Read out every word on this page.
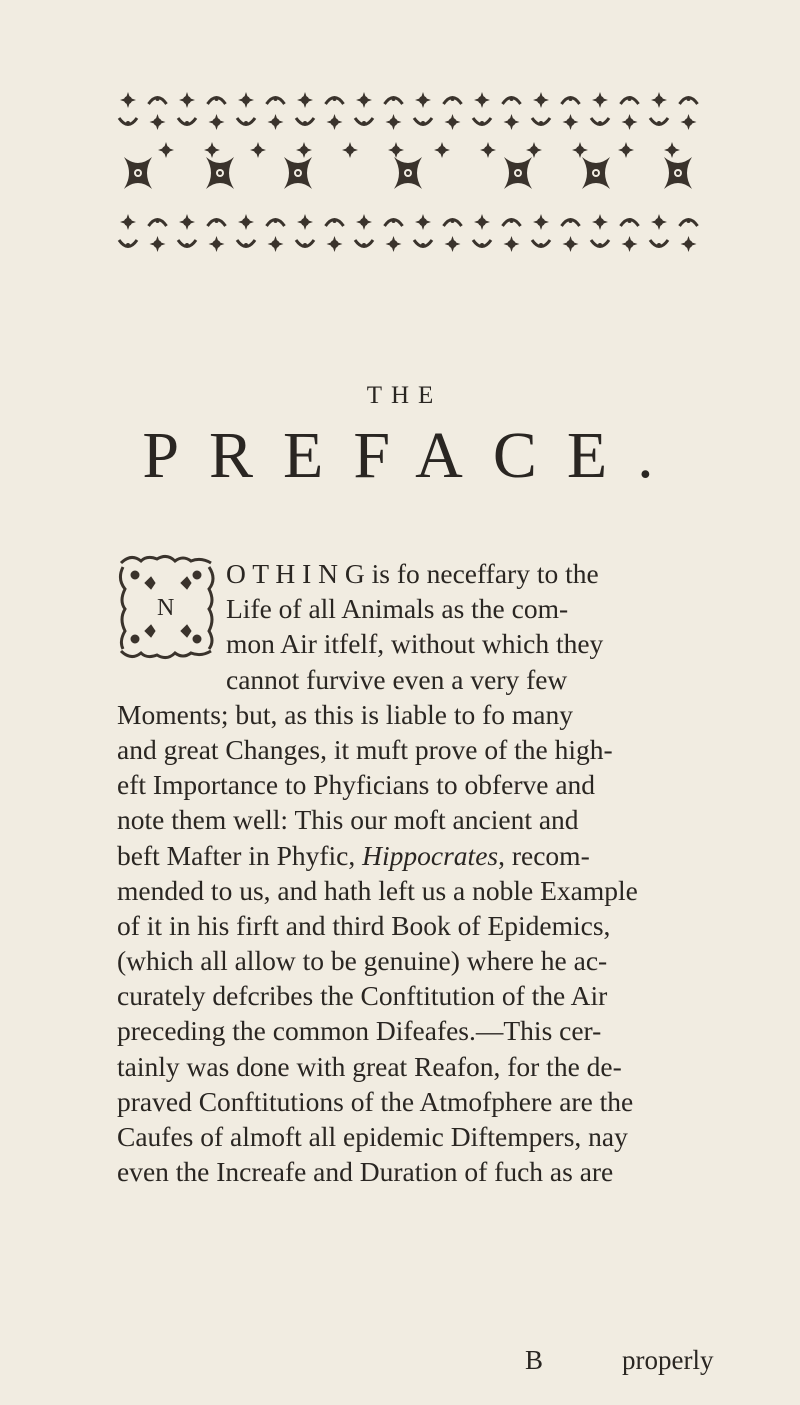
THE
PREFACE.
N
O T H I N G is fo neceffary to the
Life of all Animals as the com-
mon Air itfelf, without which they
cannot furvive even a very few
Moments; but, as this is liable to fo many
and great Changes, it muft prove of the high-
eft Importance to Phyficians to obferve and
note them well: This our moft ancient and
beft Mafter in Phyfic, Hippocrates, recom-
mended to us, and hath left us a noble Example
of it in his firft and third Book of Epidemics,
(which all allow to be genuine) where he ac-
curately defcribes the Conftitution of the Air
preceding the common Difeafes.—This cer-
tainly was done with great Reafon, for the de-
praved Conftitutions of the Atmofphere are the
Caufes of almoft all epidemic Diftempers, nay
even the Increafe and Duration of fuch as are
B	properly
